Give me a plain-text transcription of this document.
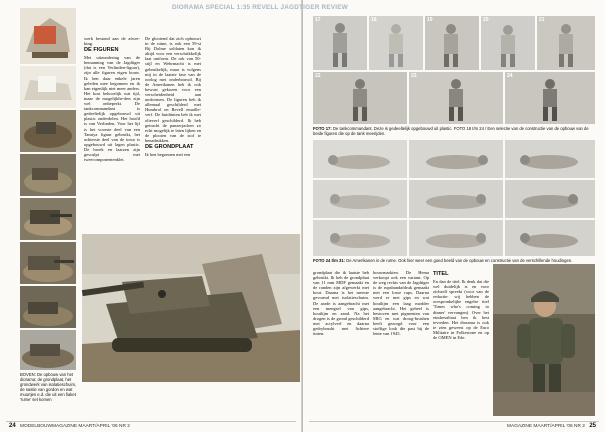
werk bestond aan de afwer-king.

DE FIGUREN

Met uitzondering van de bemanning van de Jagdtiger (dat is een Verlinden-figuur), zijn alle figuren eigen bouw. Ik ben daar enkele jaren geleden mee begonnen en ik kan eigenlijk niet meer anders. Het kost behoorlijk wat tijd, maar de mogelijkhe-den zijn wel onbeperkt. De tankcommandant is gedeeltelijk opgebouwd uit plastic onderdelen. Het hoofd is van Verlinden. Voor het lijf is het voorste deel van een Tamiya figuur gebruikt, het achterste deel van de torso is opgebouwd uit lagen plastic. De broek en laarzen zijn gesculpt met tweecomponentenklei.

De glooiend dat zich opbouwt in de ruïne, is ook een 59-st Bij Dolme soldaten kon ik altijd voor een verschrikkelijk laat uniform. De rok van 50-stijl en Wehrmacht is met gebruikelijk, maar is volgens mij in de laatste fase van de oorlog met onderbouwd. Bij de Amerikanen heb ik ook bewust gekozen voor een verscheidenheid aan uniformen. De figuren heb ik allemaal geschilderd met Humbrol en Revell emaille-verf. De huidtinten heb ik met olieverf geschilderd. Ik heb getracht de panzerjacken zo echt mogelijk te laten lijken en de plooien van de stof te benadrukken.

DE GRONDPLAAT

Ik ben begonnen met een

BOVEN: De opbouw van het diorama; de grondplaat, het grondwerk van isolatieschuim, de sastie van gordon en wat muurtjes e.d. die uit een fiaket 'ruïne' set komen
24 MODELBOUWMAGAZINE MAART/APRIL '06 NR 2
17	18	19	20	21
22	23	24
FOTO 17: De tankcommandant. Deze is gedeeltelijk opgebouwd uit plastic. FOTO 18 t/m 24 / Een selectie van de constructie van de opbouw van de beide figuren die op de tank meerijden.
FOTO 24 t/m 31: De Amerikanen in de ruïne. Ook hier weer een goed beeld van de opbouw en constructie van de verschillende houdingen.

grondplaat die ik laatste heb gebruikt. Ik heb de grondplaat van 11 mm MDF gemaakt en de randen zijn afgewerkt met hout. Daarna is het meeste gevormd met isolatieschuim. De aarde is aangebracht met een mengsel van gips, houtlijm en zand. Na het drogen is de grond geschilderd met acrylverf en daarna gedrybrusht met lichtere tinten.

bouwmarkten. De Hema verkoopt ook een variant. Op de weg rechts van de Jagdtiger is de rupsbandafdruk gemaakt met een losse rups. Daarna werd er met gips en wat houtlijm een laag modder aangebracht. Het geheel is bestoven met pigmenten van MIG en wat droog-brushen heeft gezorgd voor een stoffige look die past bij de lente van 1945.

TITEL

En dan de titel. Ik denk dat die wel duidelijk is en voor zichzelf spreekt (voor van de redactie: wij hebben de oorspronkelijke engelse titel 'Times who's coming to dinner' vervangen). Over het eindresultaat ben ik best tevreden. Het diorama is ook te zien geweest op de Euro Militaire in Folkestone en op de OMEN in Ede.

MAGAZINE MAART/APRIL '06 NR 2 25
DIORAMA SPECIAL 1:35 REVELL JAGDTIGER REVIEW
